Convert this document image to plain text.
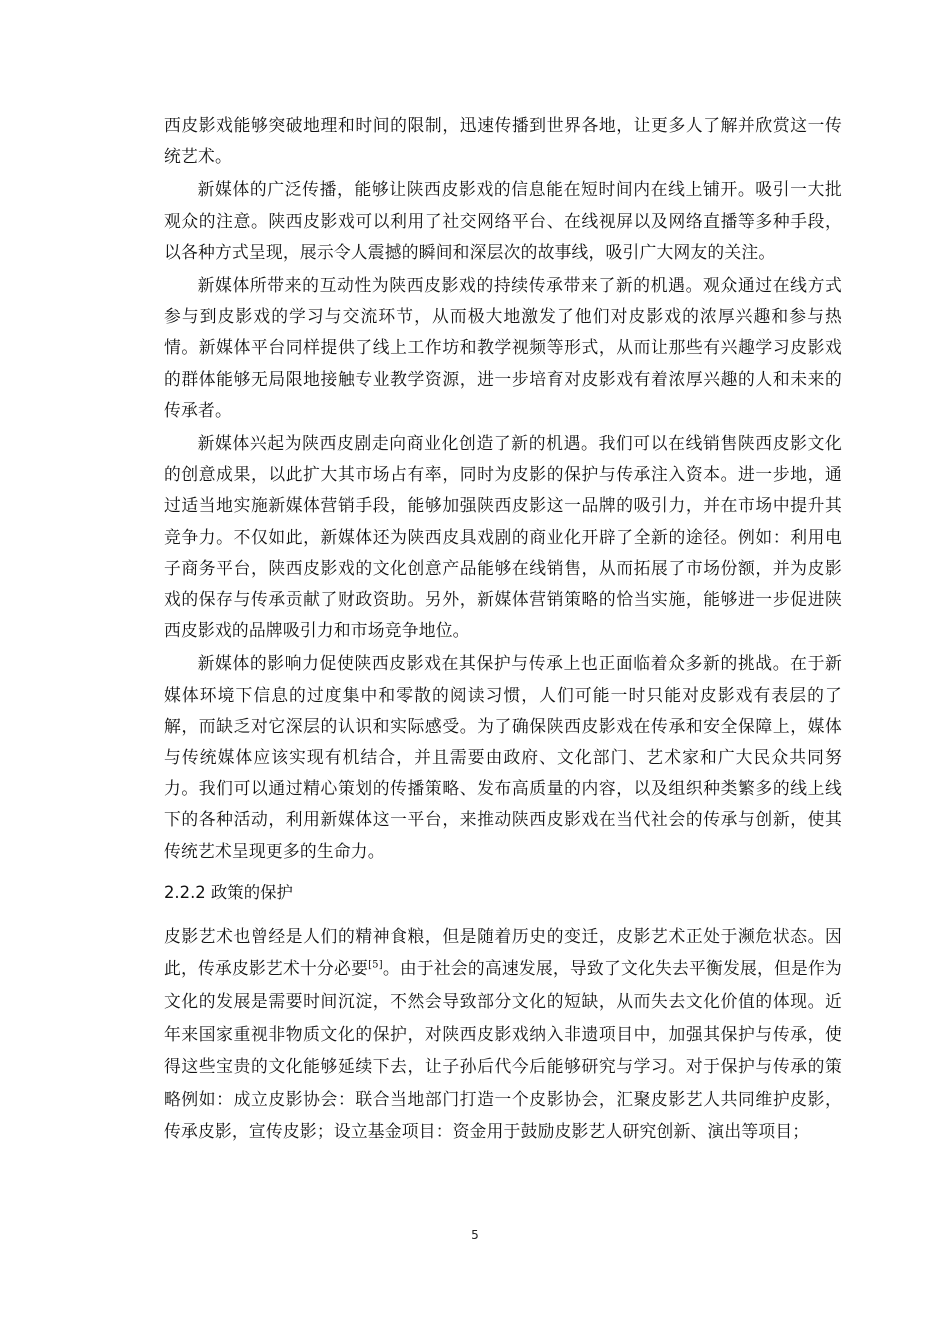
西皮影戏能够突破地理和时间的限制，迅速传播到世界各地，让更多人了解并欣赏这一传统艺术。

新媒体的广泛传播，能够让陕西皮影戏的信息能在短时间内在线上铺开。吸引一大批观众的注意。陕西皮影戏可以利用了社交网络平台、在线视屏以及网络直播等多种手段，以各种方式呈现，展示令人震撼的瞬间和深层次的故事线，吸引广大网友的关注。

新媒体所带来的互动性为陕西皮影戏的持续传承带来了新的机遇。观众通过在线方式参与到皮影戏的学习与交流环节，从而极大地激发了他们对皮影戏的浓厚兴趣和参与热情。新媒体平台同样提供了线上工作坊和教学视频等形式，从而让那些有兴趣学习皮影戏的群体能够无局限地接触专业教学资源，进一步培育对皮影戏有着浓厚兴趣的人和未来的传承者。

新媒体兴起为陕西皮剧走向商业化创造了新的机遇。我们可以在线销售陕西皮影文化的创意成果，以此扩大其市场占有率，同时为皮影的保护与传承注入资本。进一步地，通过适当地实施新媒体营销手段，能够加强陕西皮影这一品牌的吸引力，并在市场中提升其竞争力。不仅如此，新媒体还为陕西皮具戏剧的商业化开辟了全新的途径。例如：利用电子商务平台，陕西皮影戏的文化创意产品能够在线销售，从而拓展了市场份额，并为皮影戏的保存与传承贡献了财政资助。另外，新媒体营销策略的恰当实施，能够进一步促进陕西皮影戏的品牌吸引力和市场竞争地位。

新媒体的影响力促使陕西皮影戏在其保护与传承上也正面临着众多新的挑战。在于新媒体环境下信息的过度集中和零散的阅读习惯，人们可能一时只能对皮影戏有表层的了解，而缺乏对它深层的认识和实际感受。为了确保陕西皮影戏在传承和安全保障上，媒体与传统媒体应该实现有机结合，并且需要由政府、文化部门、艺术家和广大民众共同努力。我们可以通过精心策划的传播策略、发布高质量的内容，以及组织种类繁多的线上线下的各种活动，利用新媒体这一平台，来推动陕西皮影戏在当代社会的传承与创新，使其传统艺术呈现更多的生命力。

2.2.2 政策的保护

皮影艺术也曾经是人们的精神食粮，但是随着历史的变迁，皮影艺术正处于濒危状态。因此，传承皮影艺术十分必要[5]。由于社会的高速发展，导致了文化失去平衡发展，但是作为文化的发展是需要时间沉淀，不然会导致部分文化的短缺，从而失去文化价值的体现。近年来国家重视非物质文化的保护，对陕西皮影戏纳入非遗项目中，加强其保护与传承，使得这些宝贵的文化能够延续下去，让子孙后代今后能够研究与学习。对于保护与传承的策略例如：成立皮影协会：联合当地部门打造一个皮影协会，汇聚皮影艺人共同维护皮影，传承皮影，宣传皮影；设立基金项目：资金用于鼓励皮影艺人研究创新、演出等项目；

5
